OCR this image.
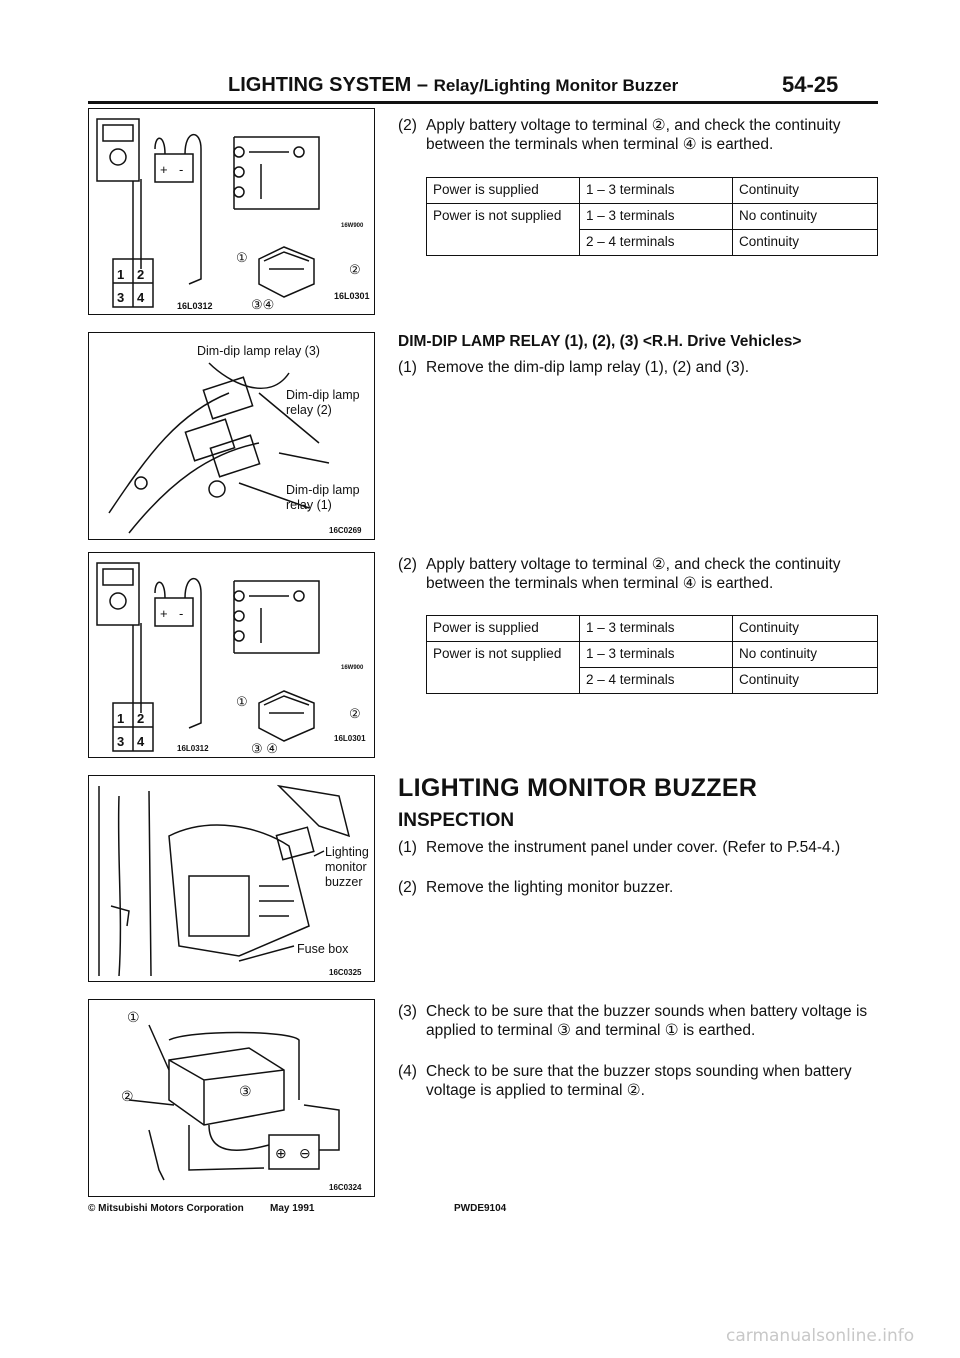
LIGHTING SYSTEM – Relay/Lighting Monitor Buzzer	54-25
+ -
1 2
3 4
①
②
③④
16L0312
16L0301
16W900
Dim-dip lamp relay (3)
Dim-dip lamp
relay (2)
Dim-dip lamp
relay (1)
16C0269
+ -
1 2
3 4
①
②
③ ④
16L0312
16L0301
16W900
Lighting
monitor
buzzer
Fuse box
16C0325
①
②	③
⊕ ⊖
16C0324
(2) Apply battery voltage to terminal ②, and check the continuity between the terminals when terminal ④ is earthed.
Power is supplied	1 – 3 terminals	Continuity
Power is not supplied	1 – 3 terminals	No continuity
	2 – 4 terminals	Continuity
DIM-DIP LAMP RELAY (1), (2), (3) <R.H. Drive Vehicles>
(1) Remove the dim-dip lamp relay (1), (2) and (3).
(2) Apply battery voltage to terminal ②, and check the continuity between the terminals when terminal ④ is earthed.
Power is supplied	1 – 3 terminals	Continuity
Power is not supplied	1 – 3 terminals	No continuity
	2 – 4 terminals	Continuity
LIGHTING MONITOR BUZZER
INSPECTION
(1) Remove the instrument panel under cover. (Refer to P.54-4.)
(2) Remove the lighting monitor buzzer.
(3) Check to be sure that the buzzer sounds when battery voltage is applied to terminal ③ and terminal ① is earthed.
(4) Check to be sure that the buzzer stops sounding when battery voltage is applied to terminal ②.
© Mitsubishi Motors Corporation	May 1991	PWDE9104
carmanualsonline.info
